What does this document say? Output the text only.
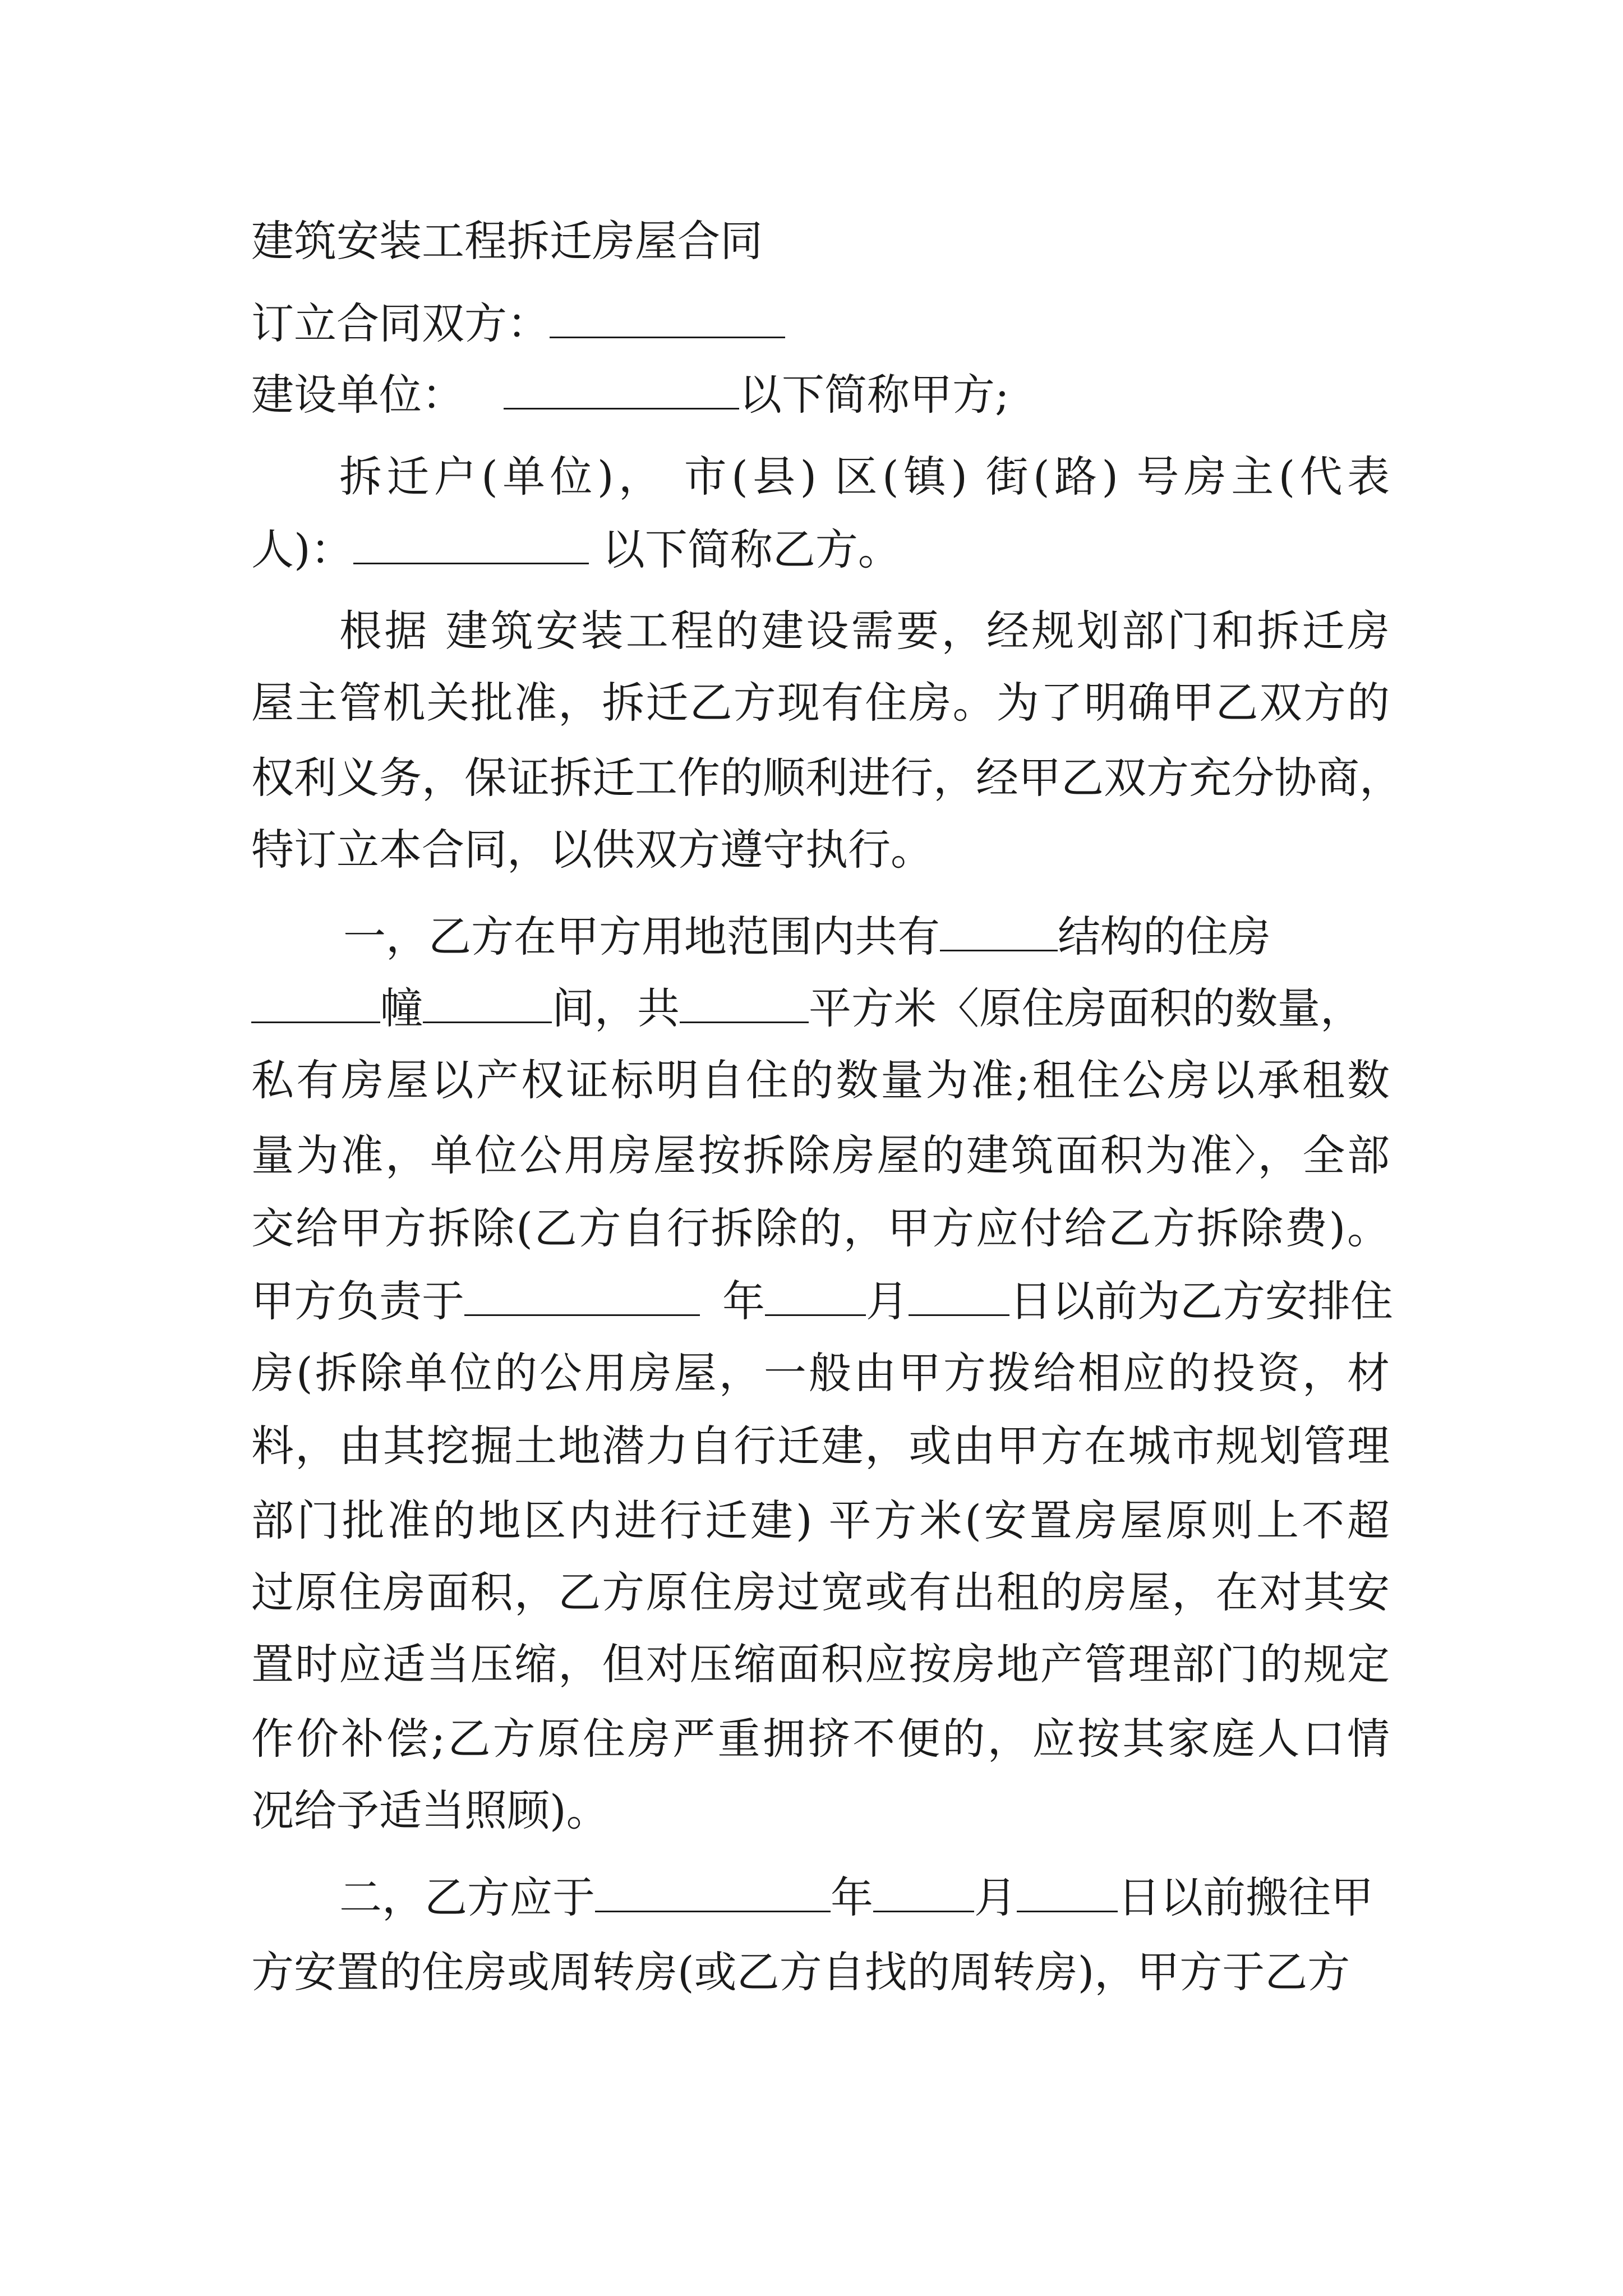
建筑安装工程拆迁房屋合同
订立合同双方：
建设单位：	以下简称甲方;
拆迁户(单位)， 市(县) 区(镇) 街(路) 号房主(代表
人)：	以下简称乙方。
根据 建筑安装工程的建设需要，经规划部门和拆迁房
屋主管机关批准，拆迁乙方现有住房。为了明确甲乙双方的
权利义务，保证拆迁工作的顺利进行，经甲乙双方充分协商，
特订立本合同，以供双方遵守执行。
一，乙方在甲方用地范围内共有	结构的住房
幢	间，共	平方米〈原住房面积的数量，
私有房屋以产权证标明自住的数量为准;租住公房以承租数
量为准，单位公用房屋按拆除房屋的建筑面积为准〉，全部
交给甲方拆除(乙方自行拆除的，甲方应付给乙方拆除费)。
甲方负责于	年 月 日以前为乙方安排住
房(拆除单位的公用房屋，一般由甲方拨给相应的投资，材
料，由其挖掘土地潜力自行迁建，或由甲方在城市规划管理
部门批准的地区内进行迁建) 平方米(安置房屋原则上不超
过原住房面积，乙方原住房过宽或有出租的房屋，在对其安
置时应适当压缩，但对压缩面积应按房地产管理部门的规定
作价补偿;乙方原住房严重拥挤不便的，应按其家庭人口情
况给予适当照顾)。
二，乙方应于	年 月 日以前搬往甲
方安置的住房或周转房(或乙方自找的周转房)，甲方于乙方
